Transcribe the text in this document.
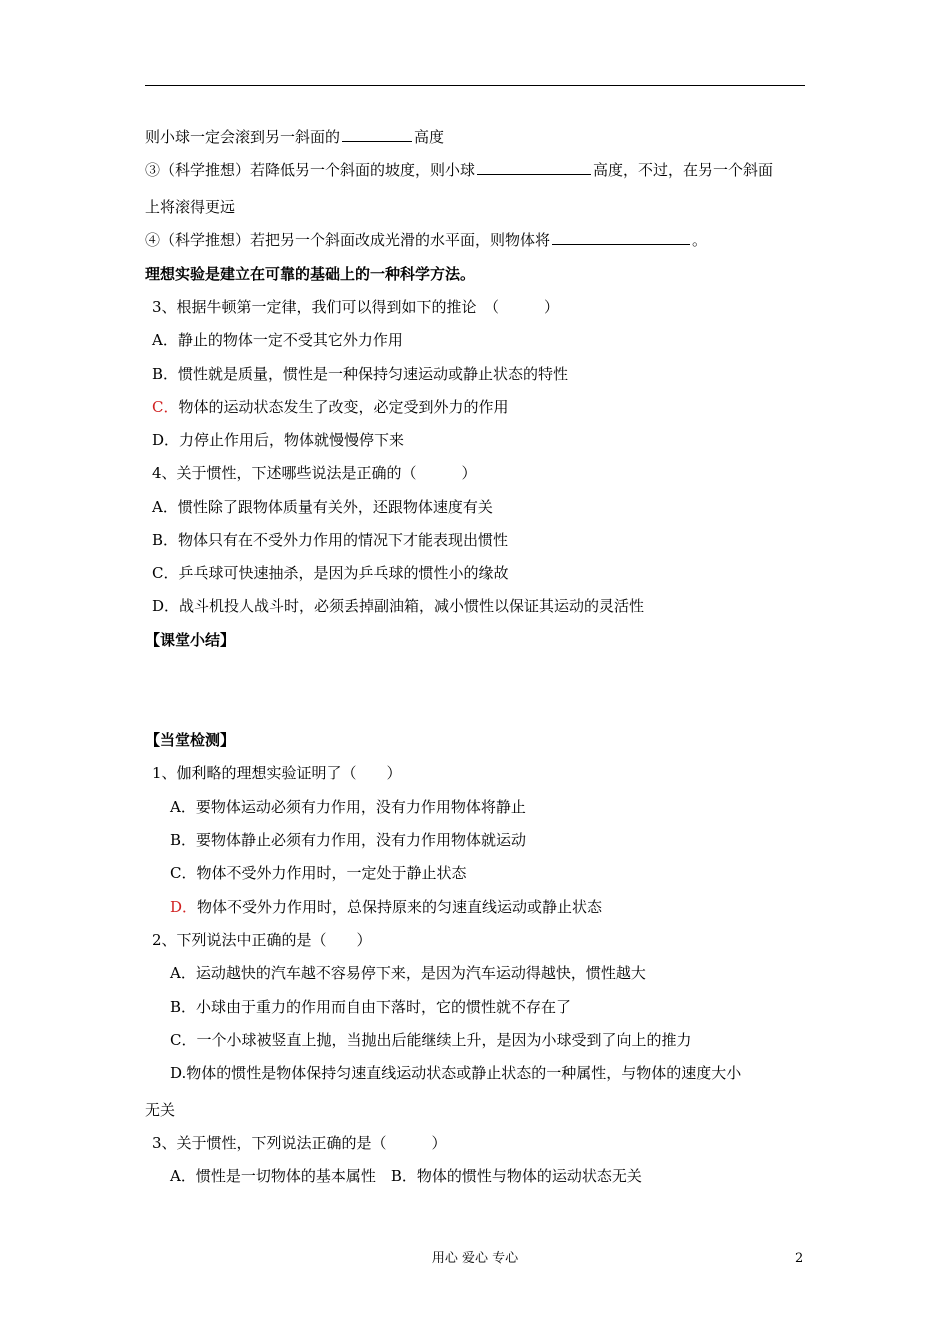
则小球一定会滚到另一斜面的	高度
③（科学推想）若降低另一个斜面的坡度，则小球	高度，不过，在另一个斜面
上将滚得更远
④（科学推想）若把另一个斜面改成光滑的水平面，则物体将	。
理想实验是建立在可靠的基础上的一种科学方法。
3、根据牛顿第一定律，我们可以得到如下的推论　（　　　）
A．静止的物体一定不受其它外力作用
B．惯性就是质量，惯性是一种保持匀速运动或静止状态的特性
C．物体的运动状态发生了改变，必定受到外力的作用
D．力停止作用后，物体就慢慢停下来
4、关于惯性，下述哪些说法是正确的（　　　）
A．惯性除了跟物体质量有关外，还跟物体速度有关
B．物体只有在不受外力作用的情况下才能表现出惯性
C．乒乓球可快速抽杀，是因为乒乓球的惯性小的缘故
D．战斗机投人战斗时，必须丢掉副油箱，减小惯性以保证其运动的灵活性
【课堂小结】
【当堂检测】
1、伽利略的理想实验证明了（　　）
A．要物体运动必须有力作用，没有力作用物体将静止
B．要物体静止必须有力作用，没有力作用物体就运动
C．物体不受外力作用时，一定处于静止状态
D．物体不受外力作用时，总保持原来的匀速直线运动或静止状态
2、下列说法中正确的是（　　）
A．运动越快的汽车越不容易停下来，是因为汽车运动得越快，惯性越大
B．小球由于重力的作用而自由下落时，它的惯性就不存在了
C．一个小球被竖直上抛，当抛出后能继续上升，是因为小球受到了向上的推力
D.物体的惯性是物体保持匀速直线运动状态或静止状态的一种属性，与物体的速度大小
无关
3、关于惯性，下列说法正确的是（　　　）
A．惯性是一切物体的基本属性　B．物体的惯性与物体的运动状态无关
用心 爱心 专心	2
